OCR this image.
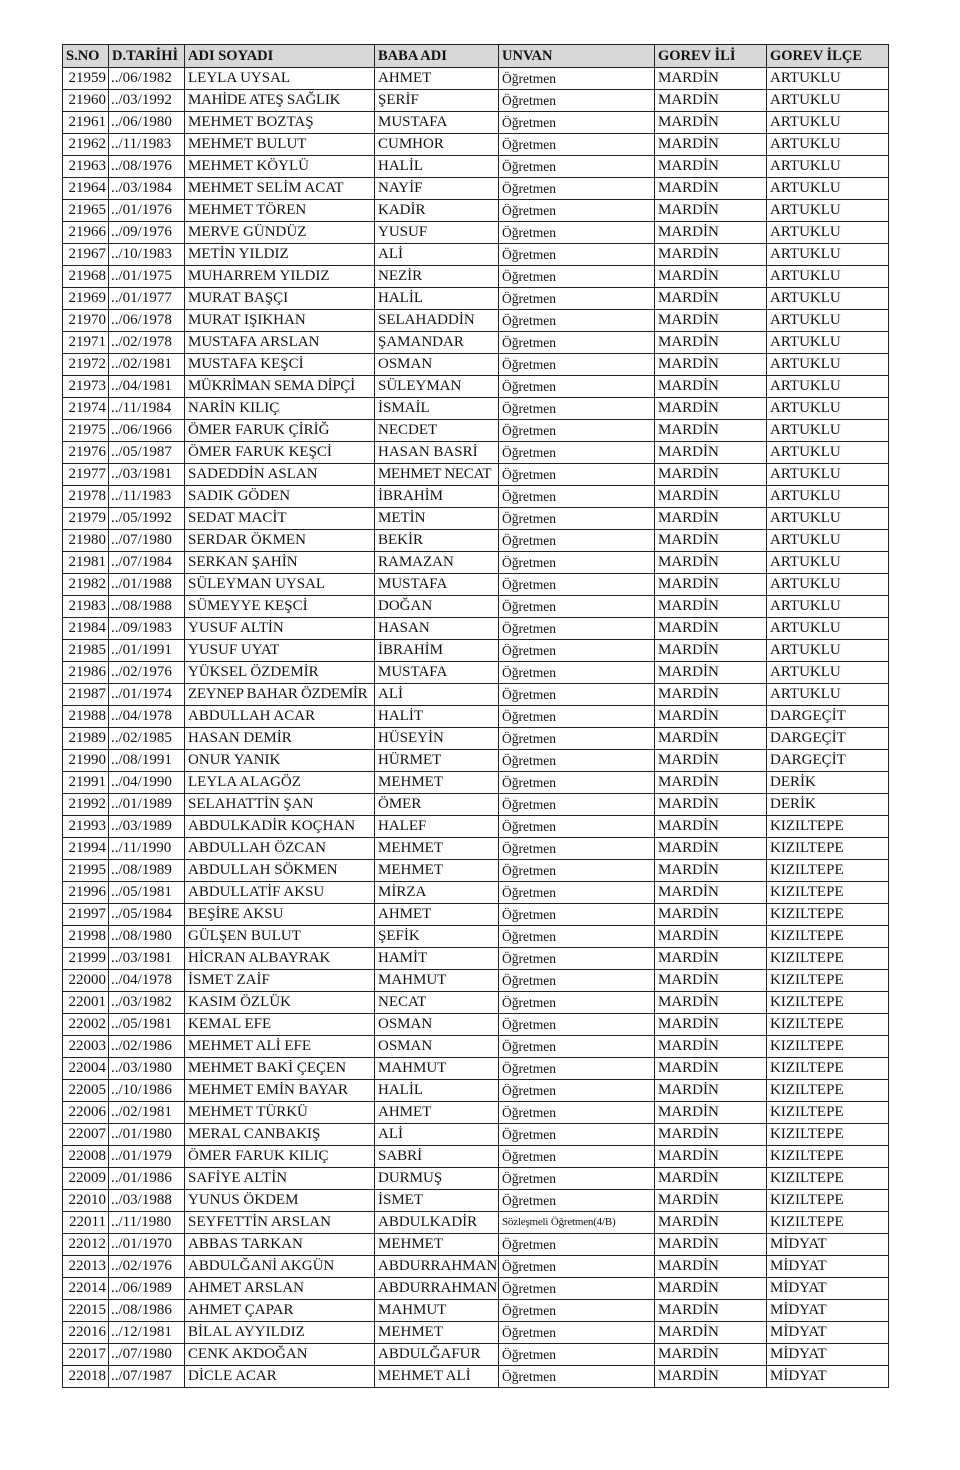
S.NO	D.TARİHİ	ADI SOYADI	BABA ADI	UNVAN	GOREV İLİ	GOREV İLÇE
21959	../06/1982	LEYLA UYSAL	AHMET	Öğretmen	MARDİN	ARTUKLU
21960	../03/1992	MAHİDE ATEŞ SAĞLIK	ŞERİF	Öğretmen	MARDİN	ARTUKLU
21961	../06/1980	MEHMET BOZTAŞ	MUSTAFA	Öğretmen	MARDİN	ARTUKLU
21962	../11/1983	MEHMET BULUT	CUMHOR	Öğretmen	MARDİN	ARTUKLU
21963	../08/1976	MEHMET KÖYLÜ	HALİL	Öğretmen	MARDİN	ARTUKLU
21964	../03/1984	MEHMET SELİM ACAT	NAYİF	Öğretmen	MARDİN	ARTUKLU
21965	../01/1976	MEHMET TÖREN	KADİR	Öğretmen	MARDİN	ARTUKLU
21966	../09/1976	MERVE GÜNDÜZ	YUSUF	Öğretmen	MARDİN	ARTUKLU
21967	../10/1983	METİN YILDIZ	ALİ	Öğretmen	MARDİN	ARTUKLU
21968	../01/1975	MUHARREM YILDIZ	NEZİR	Öğretmen	MARDİN	ARTUKLU
21969	../01/1977	MURAT BAŞÇI	HALİL	Öğretmen	MARDİN	ARTUKLU
21970	../06/1978	MURAT IŞIKHAN	SELAHADDİN	Öğretmen	MARDİN	ARTUKLU
21971	../02/1978	MUSTAFA ARSLAN	ŞAMANDAR	Öğretmen	MARDİN	ARTUKLU
21972	../02/1981	MUSTAFA KEŞCİ	OSMAN	Öğretmen	MARDİN	ARTUKLU
21973	../04/1981	MÜKRİMAN SEMA DİPÇİ	SÜLEYMAN	Öğretmen	MARDİN	ARTUKLU
21974	../11/1984	NARİN KILIÇ	İSMAİL	Öğretmen	MARDİN	ARTUKLU
21975	../06/1966	ÖMER FARUK ÇİRİĞ	NECDET	Öğretmen	MARDİN	ARTUKLU
21976	../05/1987	ÖMER FARUK KEŞCİ	HASAN BASRİ	Öğretmen	MARDİN	ARTUKLU
21977	../03/1981	SADEDDİN ASLAN	MEHMET NECAT	Öğretmen	MARDİN	ARTUKLU
21978	../11/1983	SADIK GÖDEN	İBRAHİM	Öğretmen	MARDİN	ARTUKLU
21979	../05/1992	SEDAT MACİT	METİN	Öğretmen	MARDİN	ARTUKLU
21980	../07/1980	SERDAR ÖKMEN	BEKİR	Öğretmen	MARDİN	ARTUKLU
21981	../07/1984	SERKAN ŞAHİN	RAMAZAN	Öğretmen	MARDİN	ARTUKLU
21982	../01/1988	SÜLEYMAN UYSAL	MUSTAFA	Öğretmen	MARDİN	ARTUKLU
21983	../08/1988	SÜMEYYE KEŞCİ	DOĞAN	Öğretmen	MARDİN	ARTUKLU
21984	../09/1983	YUSUF ALTİN	HASAN	Öğretmen	MARDİN	ARTUKLU
21985	../01/1991	YUSUF UYAT	İBRAHİM	Öğretmen	MARDİN	ARTUKLU
21986	../02/1976	YÜKSEL ÖZDEMİR	MUSTAFA	Öğretmen	MARDİN	ARTUKLU
21987	../01/1974	ZEYNEP BAHAR ÖZDEMİR	ALİ	Öğretmen	MARDİN	ARTUKLU
21988	../04/1978	ABDULLAH ACAR	HALİT	Öğretmen	MARDİN	DARGEÇİT
21989	../02/1985	HASAN DEMİR	HÜSEYİN	Öğretmen	MARDİN	DARGEÇİT
21990	../08/1991	ONUR YANIK	HÜRMET	Öğretmen	MARDİN	DARGEÇİT
21991	../04/1990	LEYLA ALAGÖZ	MEHMET	Öğretmen	MARDİN	DERİK
21992	../01/1989	SELAHATTİN ŞAN	ÖMER	Öğretmen	MARDİN	DERİK
21993	../03/1989	ABDULKADİR KOÇHAN	HALEF	Öğretmen	MARDİN	KIZILTEPE
21994	../11/1990	ABDULLAH ÖZCAN	MEHMET	Öğretmen	MARDİN	KIZILTEPE
21995	../08/1989	ABDULLAH SÖKMEN	MEHMET	Öğretmen	MARDİN	KIZILTEPE
21996	../05/1981	ABDULLATİF AKSU	MİRZA	Öğretmen	MARDİN	KIZILTEPE
21997	../05/1984	BEŞİRE AKSU	AHMET	Öğretmen	MARDİN	KIZILTEPE
21998	../08/1980	GÜLŞEN BULUT	ŞEFİK	Öğretmen	MARDİN	KIZILTEPE
21999	../03/1981	HİCRAN ALBAYRAK	HAMİT	Öğretmen	MARDİN	KIZILTEPE
22000	../04/1978	İSMET ZAİF	MAHMUT	Öğretmen	MARDİN	KIZILTEPE
22001	../03/1982	KASIM ÖZLÜK	NECAT	Öğretmen	MARDİN	KIZILTEPE
22002	../05/1981	KEMAL EFE	OSMAN	Öğretmen	MARDİN	KIZILTEPE
22003	../02/1986	MEHMET ALİ EFE	OSMAN	Öğretmen	MARDİN	KIZILTEPE
22004	../03/1980	MEHMET BAKİ ÇEÇEN	MAHMUT	Öğretmen	MARDİN	KIZILTEPE
22005	../10/1986	MEHMET EMİN BAYAR	HALİL	Öğretmen	MARDİN	KIZILTEPE
22006	../02/1981	MEHMET TÜRKÜ	AHMET	Öğretmen	MARDİN	KIZILTEPE
22007	../01/1980	MERAL CANBAKIŞ	ALİ	Öğretmen	MARDİN	KIZILTEPE
22008	../01/1979	ÖMER FARUK KILIÇ	SABRİ	Öğretmen	MARDİN	KIZILTEPE
22009	../01/1986	SAFİYE ALTİN	DURMUŞ	Öğretmen	MARDİN	KIZILTEPE
22010	../03/1988	YUNUS ÖKDEM	İSMET	Öğretmen	MARDİN	KIZILTEPE
22011	../11/1980	SEYFETTİN ARSLAN	ABDULKADİR	Sözleşmeli Öğretmen(4/B)	MARDİN	KIZILTEPE
22012	../01/1970	ABBAS TARKAN	MEHMET	Öğretmen	MARDİN	MİDYAT
22013	../02/1976	ABDULĞANİ AKGÜN	ABDURRAHMAN	Öğretmen	MARDİN	MİDYAT
22014	../06/1989	AHMET ARSLAN	ABDURRAHMAN	Öğretmen	MARDİN	MİDYAT
22015	../08/1986	AHMET ÇAPAR	MAHMUT	Öğretmen	MARDİN	MİDYAT
22016	../12/1981	BİLAL AYYILDIZ	MEHMET	Öğretmen	MARDİN	MİDYAT
22017	../07/1980	CENK AKDOĞAN	ABDULĞAFUR	Öğretmen	MARDİN	MİDYAT
22018	../07/1987	DİCLE ACAR	MEHMET ALİ	Öğretmen	MARDİN	MİDYAT
